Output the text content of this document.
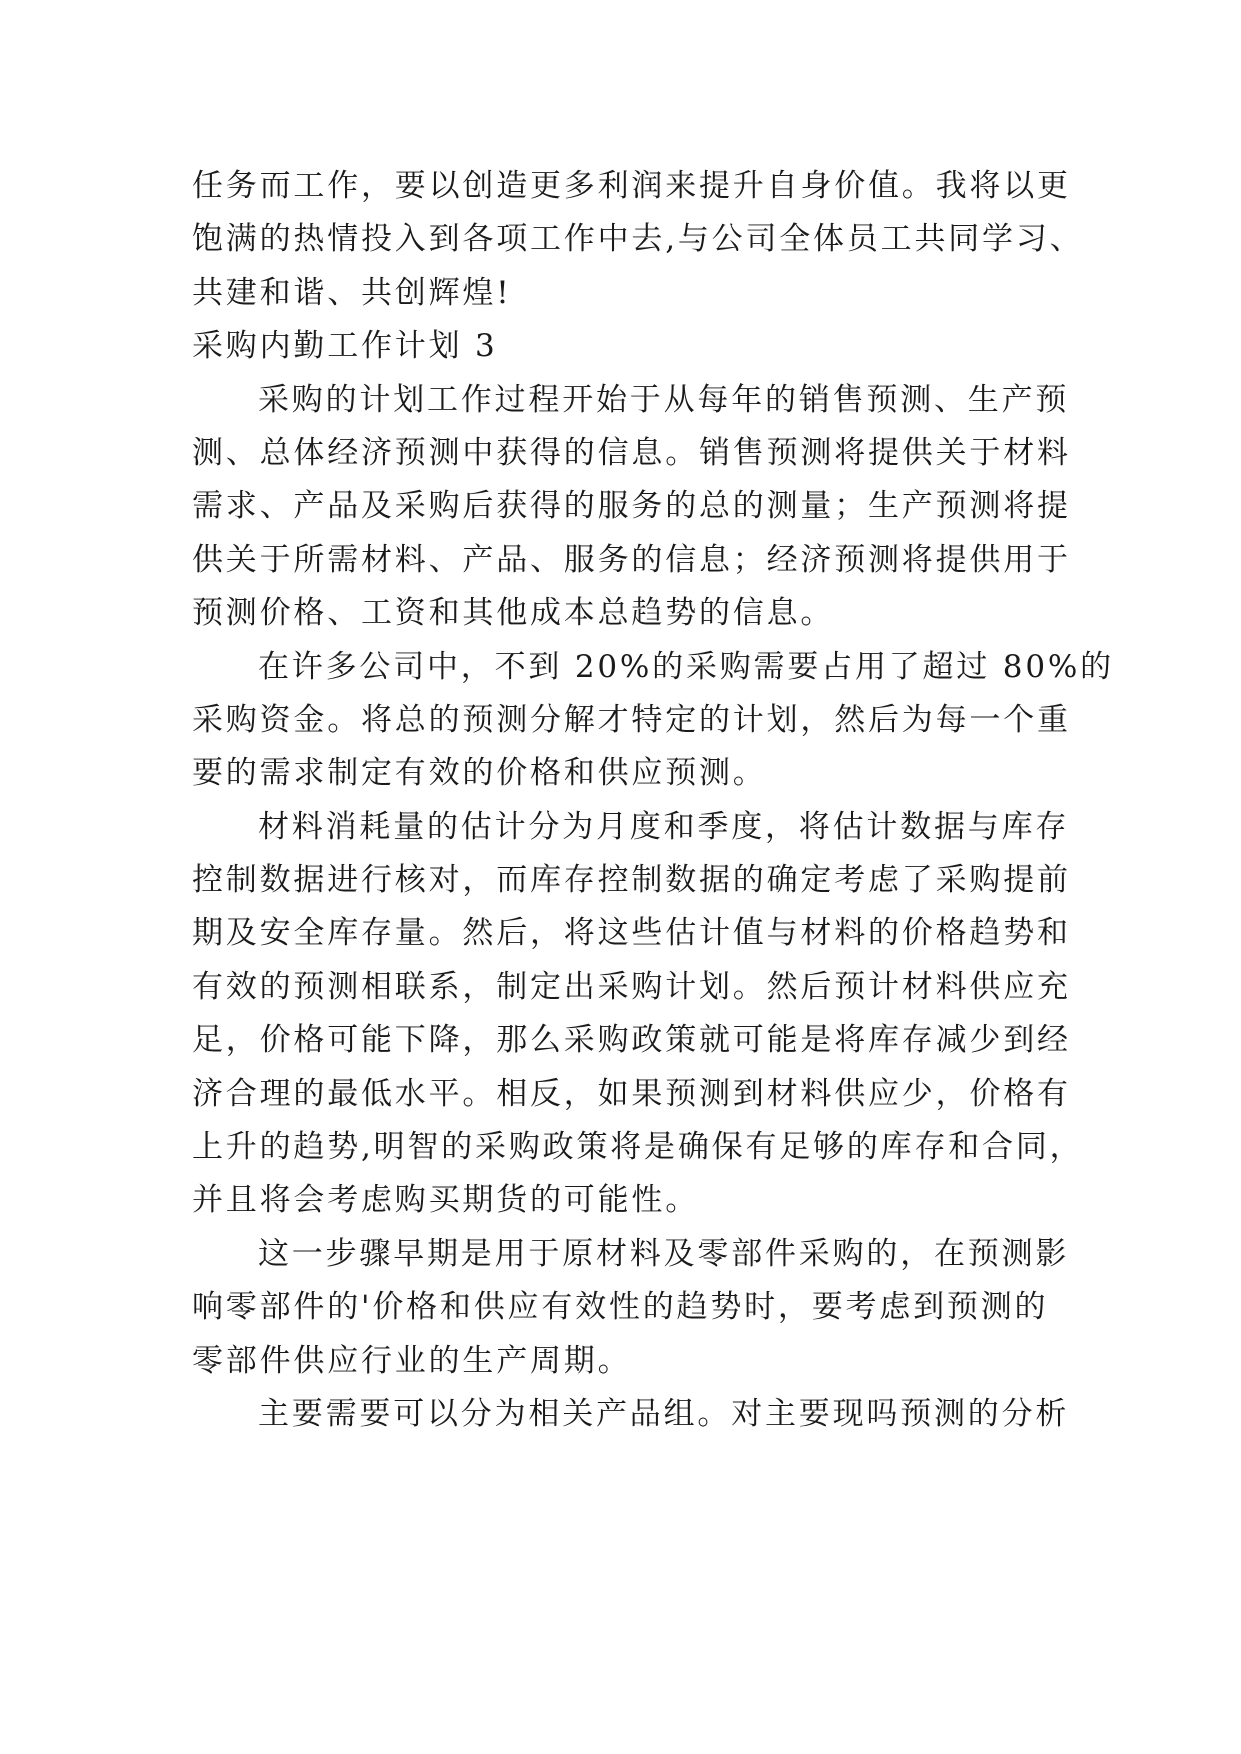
任务而工作，要以创造更多利润来提升自身价值。我将以更
饱满的热情投入到各项工作中去,与公司全体员工共同学习、
共建和谐、共创辉煌!
采购内勤工作计划 3
采购的计划工作过程开始于从每年的销售预测、生产预
测、总体经济预测中获得的信息。销售预测将提供关于材料
需求、产品及采购后获得的服务的总的测量；生产预测将提
供关于所需材料、产品、服务的信息；经济预测将提供用于
预测价格、工资和其他成本总趋势的信息。
在许多公司中，不到 20%的采购需要占用了超过 80%的
采购资金。将总的预测分解才特定的计划，然后为每一个重
要的需求制定有效的价格和供应预测。
材料消耗量的估计分为月度和季度，将估计数据与库存
控制数据进行核对，而库存控制数据的确定考虑了采购提前
期及安全库存量。然后，将这些估计值与材料的价格趋势和
有效的预测相联系，制定出采购计划。然后预计材料供应充
足，价格可能下降，那么采购政策就可能是将库存减少到经
济合理的最低水平。相反，如果预测到材料供应少，价格有
上升的趋势,明智的采购政策将是确保有足够的库存和合同，
并且将会考虑购买期货的可能性。
这一步骤早期是用于原材料及零部件采购的，在预测影
响零部件的'价格和供应有效性的趋势时，要考虑到预测的
零部件供应行业的生产周期。
主要需要可以分为相关产品组。对主要现吗预测的分析
